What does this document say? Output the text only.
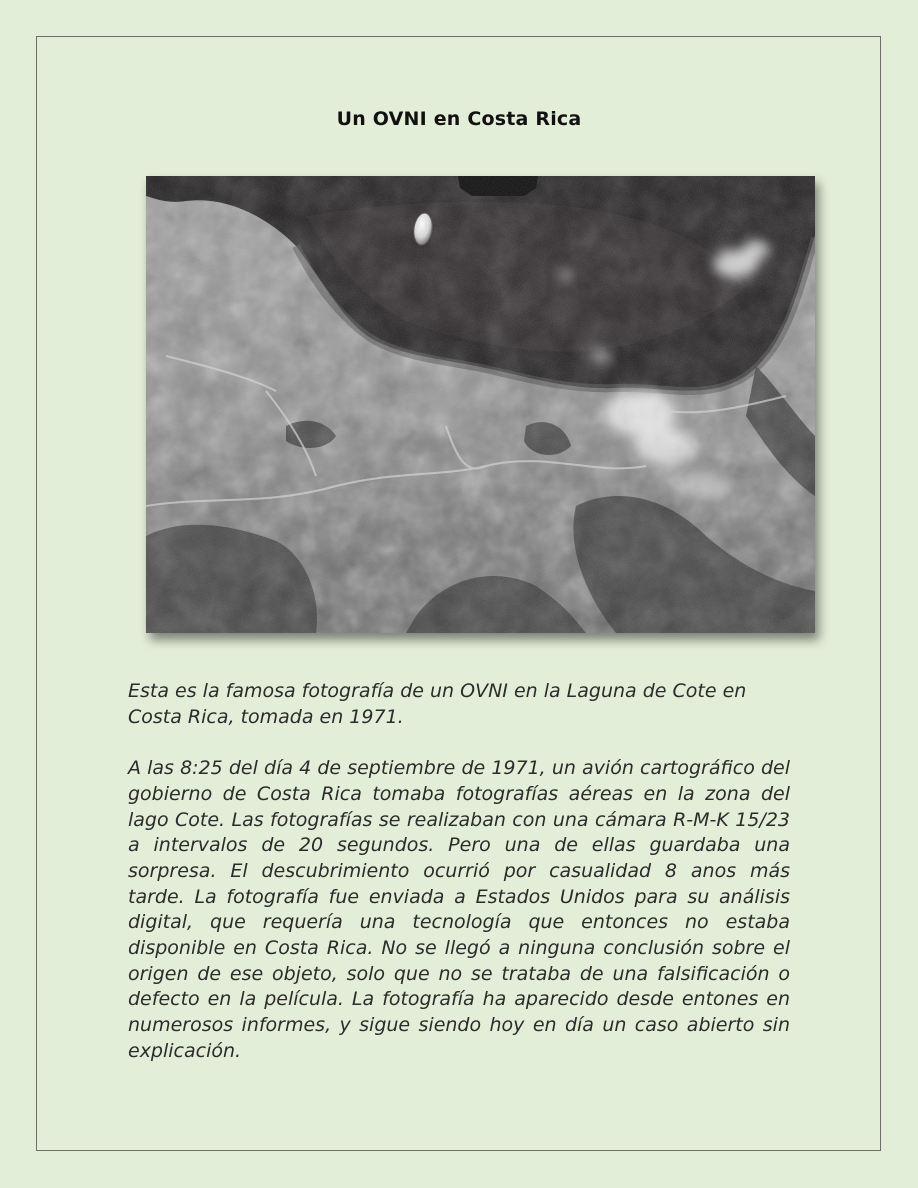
Un OVNI en Costa Rica

Esta es la famosa fotografía de un OVNI en la Laguna de Cote en Costa Rica, tomada en 1971.

A las 8:25 del día 4 de septiembre de 1971, un avión cartográfico del gobierno de Costa Rica tomaba fotografías aéreas en la zona del lago Cote. Las fotografías se realizaban con una cámara R-M-K 15/23 a intervalos de 20 segundos. Pero una de ellas guardaba una sorpresa. El descubrimiento ocurrió por casualidad 8 anos más tarde. La fotografía fue enviada a Estados Unidos para su análisis digital, que requería una tecnología que entonces no estaba disponible en Costa Rica. No se llegó a ninguna conclusión sobre el origen de ese objeto, solo que no se trataba de una falsificación o defecto en la película. La fotografía ha aparecido desde entones en numerosos informes, y sigue siendo hoy en día un caso abierto sin explicación.
